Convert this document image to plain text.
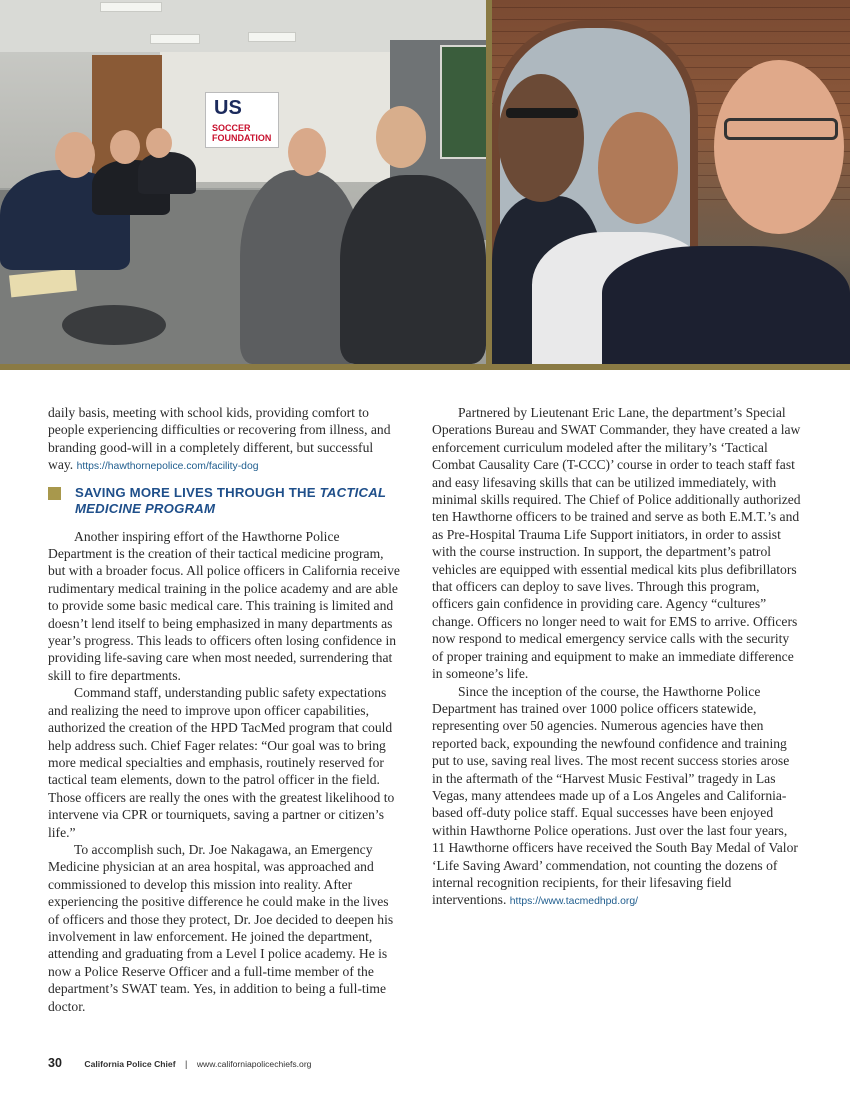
US
SOCCER
FOUNDATION

daily basis, meeting with school kids, providing comfort to people experiencing difficulties or recovering from illness, and branding good-will in a completely different, but successful way. https://hawthornepolice.com/facility-dog

SAVING MORE LIVES THROUGH THE TACTICAL MEDICINE PROGRAM

Another inspiring effort of the Hawthorne Police Department is the creation of their tactical medicine program, but with a broader focus. All police officers in California receive rudimentary medical training in the police academy and are able to provide some basic medical care. This training is limited and doesn’t lend itself to being emphasized in many departments as year’s progress. This leads to officers often losing confidence in providing life-saving care when most needed, surrendering that skill to fire departments.

Command staff, understanding public safety expectations and realizing the need to improve upon officer capabilities, authorized the creation of the HPD TacMed program that could help address such. Chief Fager relates: “Our goal was to bring more medical specialties and emphasis, routinely reserved for tactical team elements, down to the patrol officer in the field. Those officers are really the ones with the greatest likelihood to intervene via CPR or tourniquets, saving a partner or citizen’s life.”

To accomplish such, Dr. Joe Nakagawa, an Emergency Medicine physician at an area hospital, was approached and commissioned to develop this mission into reality. After experiencing the positive difference he could make in the lives of officers and those they protect, Dr. Joe decided to deepen his involvement in law enforcement. He joined the department, attending and graduating from a Level I police academy. He is now a Police Reserve Officer and a full-time member of the department’s SWAT team. Yes, in addition to being a full-time doctor.

Partnered by Lieutenant Eric Lane, the department’s Special Operations Bureau and SWAT Commander, they have created a law enforcement curriculum modeled after the military’s ‘Tactical Combat Causality Care (T-CCC)’ course in order to teach staff fast and easy lifesaving skills that can be utilized immediately, with minimal skills required. The Chief of Police additionally authorized ten Hawthorne officers to be trained and serve as both E.M.T.’s and as Pre-Hospital Trauma Life Support initiators, in order to assist with the course instruction. In support, the department’s patrol vehicles are equipped with essential medical kits plus defibrillators that officers can deploy to save lives. Through this program, officers gain confidence in providing care. Agency “cultures” change. Officers no longer need to wait for EMS to arrive. Officers now respond to medical emergency service calls with the security of proper training and equipment to make an immediate difference in someone’s life.

Since the inception of the course, the Hawthorne Police Department has trained over 1000 police officers statewide, representing over 50 agencies. Numerous agencies have then reported back, expounding the newfound confidence and training put to use, saving real lives. The most recent success stories arose in the aftermath of the “Harvest Music Festival” tragedy in Las Vegas, many attendees made up of a Los Angeles and California-based off-duty police staff. Equal successes have been enjoyed within Hawthorne Police operations. Just over the last four years, 11 Hawthorne officers have received the South Bay Medal of Valor ‘Life Saving Award’ commendation, not counting the dozens of internal recognition recipients, for their lifesaving field interventions. https://www.tacmedhpd.org/

30	California Police Chief | www.californiapolicechiefs.org
